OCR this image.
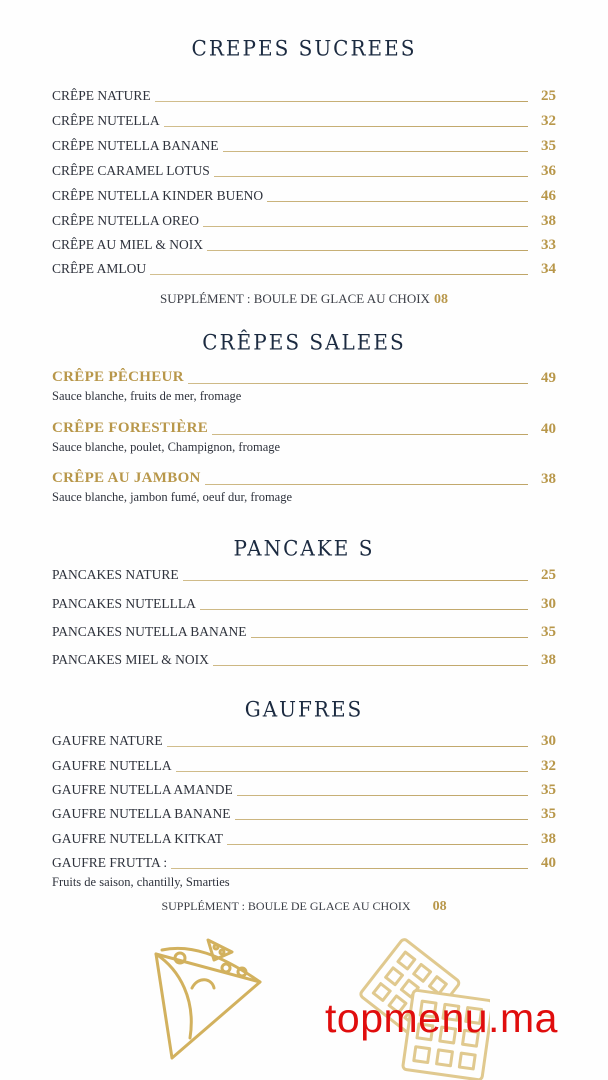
CREPES SUCREES
CRÊPE NATURE	25
CRÊPE NUTELLA	32
CRÊPE NUTELLA BANANE	35
CRÊPE CARAMEL LOTUS	36
CRÊPE NUTELLA KINDER BUENO	46
CRÊPE NUTELLA OREO	38
CRÊPE AU MIEL & NOIX	33
CRÊPE AMLOU	34
SUPPLÉMENT : BOULE DE GLACE AU CHOIX 08
CRÊPES SALEES
CRÊPE PÊCHEUR	49
Sauce blanche, fruits de mer, fromage
CRÊPE FORESTIÈRE	40
Sauce blanche, poulet, Champignon, fromage
CRÊPE AU JAMBON	38
Sauce blanche, jambon fumé, oeuf dur, fromage
PANCAKE S
PANCAKES NATURE	25
PANCAKES NUTELLLA	30
PANCAKES NUTELLA BANANE	35
PANCAKES MIEL & NOIX	38
GAUFRES
GAUFRE NATURE	30
GAUFRE NUTELLA	32
GAUFRE NUTELLA AMANDE	35
GAUFRE NUTELLA BANANE	35
GAUFRE NUTELLA KITKAT	38
GAUFRE FRUTTA :	40
Fruits de saison, chantilly, Smarties
SUPPLÉMENT : BOULE DE GLACE AU CHOIX 08
topmenu.ma
